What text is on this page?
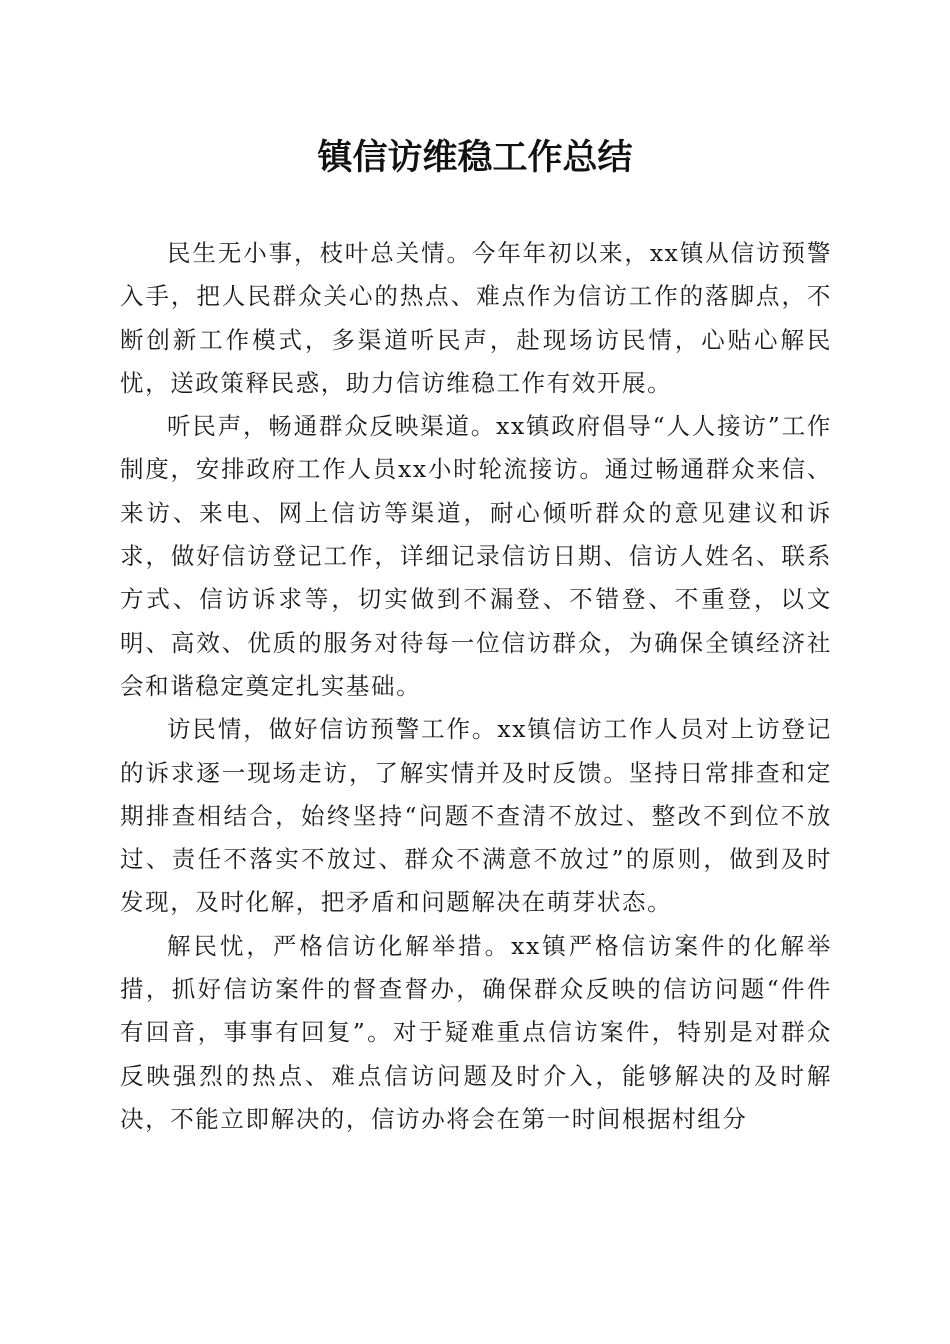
镇信访维稳工作总结

民生无小事，枝叶总关情。今年年初以来，xx镇从信访预警入手，把人民群众关心的热点、难点作为信访工作的落脚点，不断创新工作模式，多渠道听民声，赴现场访民情，心贴心解民忧，送政策释民惑，助力信访维稳工作有效开展。

听民声，畅通群众反映渠道。xx镇政府倡导“人人接访”工作制度，安排政府工作人员xx小时轮流接访。通过畅通群众来信、来访、来电、网上信访等渠道，耐心倾听群众的意见建议和诉求，做好信访登记工作，详细记录信访日期、信访人姓名、联系方式、信访诉求等，切实做到不漏登、不错登、不重登，以文明、高效、优质的服务对待每一位信访群众，为确保全镇经济社会和谐稳定奠定扎实基础。

访民情，做好信访预警工作。xx镇信访工作人员对上访登记的诉求逐一现场走访，了解实情并及时反馈。坚持日常排查和定期排查相结合，始终坚持“问题不查清不放过、整改不到位不放过、责任不落实不放过、群众不满意不放过”的原则，做到及时发现，及时化解，把矛盾和问题解决在萌芽状态。

解民忧，严格信访化解举措。xx镇严格信访案件的化解举措，抓好信访案件的督查督办，确保群众反映的信访问题“件件有回音，事事有回复”。对于疑难重点信访案件，特别是对群众反映强烈的热点、难点信访问题及时介入，能够解决的及时解决，不能立即解决的，信访办将会在第一时间根据村组分
